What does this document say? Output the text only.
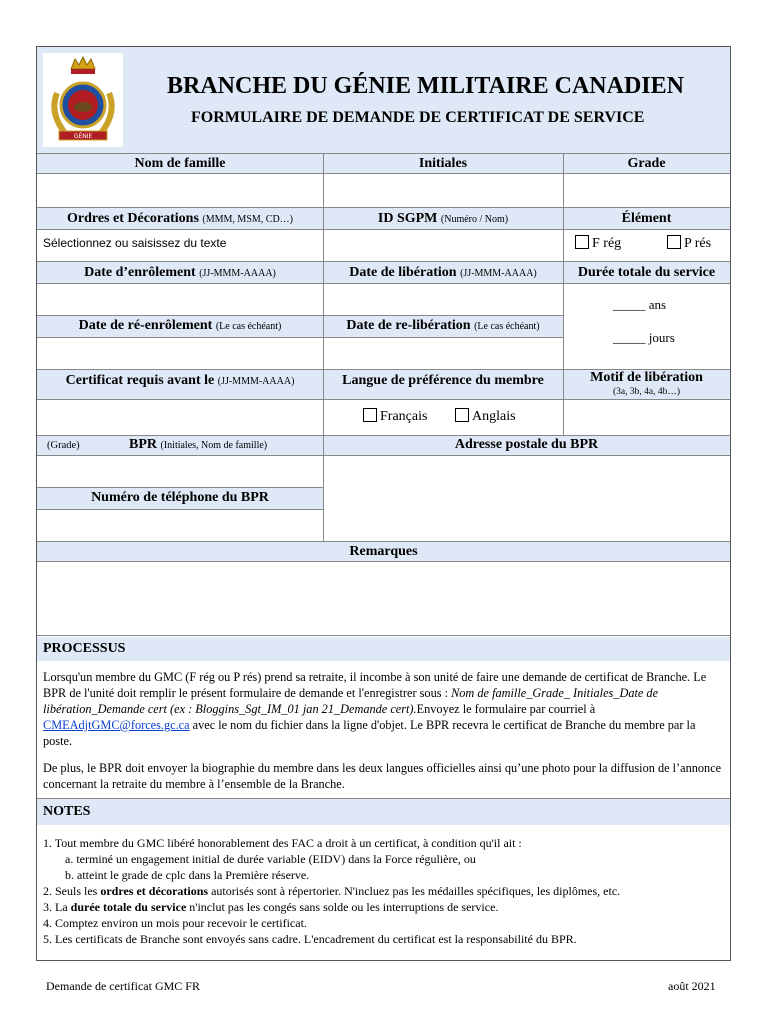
GÉNIE
BRANCHE DU GÉNIE MILITAIRE CANADIEN
FORMULAIRE DE DEMANDE DE CERTIFICAT DE SERVICE
Nom de famille	Initiales	Grade
Ordres et Décorations (MMM, MSM, CD…)	ID SGPM (Numéro / Nom)	Élément
Sélectionnez ou saisissez du texte	F rég	P rés
Date d’enrôlement (JJ-MMM-AAAA)	Date de libération (JJ-MMM-AAAA)	Durée totale du service
_____ ans
_____ jours
Date de ré-enrôlement (Le cas échéant)	Date de re-libération (Le cas échéant)
Certificat requis avant le (JJ-MMM-AAAA)	Langue de préférence du membre	Motif de libération
(3a, 3b, 4a, 4b…)
Français	Anglais
(Grade)	BPR (Initiales, Nom de famille)	Adresse postale du BPR
Numéro de téléphone du BPR
Remarques
PROCESSUS
Lorsqu'un membre du GMC (F rég ou P rés) prend sa retraite, il incombe à son unité de faire une demande de certificat de Branche. Le BPR de l'unité doit remplir le présent formulaire de demande et l'enregistrer sous : Nom de famille_Grade_ Initiales_Date de libération_Demande cert (ex : Bloggins_Sgt_IM_01 jan 21_Demande cert).Envoyez le formulaire par courriel à CMEAdjtGMC@forces.gc.ca avec le nom du fichier dans la ligne d'objet. Le BPR recevra le certificat de Branche du membre par la poste.
De plus, le BPR doit envoyer la biographie du membre dans les deux langues officielles ainsi qu’une photo pour la diffusion de l’annonce concernant la retraite du membre à l’ensemble de la Branche.
NOTES
1. Tout membre du GMC libéré honorablement des FAC a droit à un certificat, à condition qu'il ait :
a. terminé un engagement initial de durée variable (EIDV) dans la Force régulière, ou
b. atteint le grade de cplc dans la Première réserve.
2. Seuls les ordres et décorations autorisés sont à répertorier. N'incluez pas les médailles spécifiques, les diplômes, etc.
3. La durée totale du service n'inclut pas les congés sans solde ou les interruptions de service.
4. Comptez environ un mois pour recevoir le certificat.
5. Les certificats de Branche sont envoyés sans cadre. L'encadrement du certificat est la responsabilité du BPR.
Demande de certificat GMC FR	août 2021
